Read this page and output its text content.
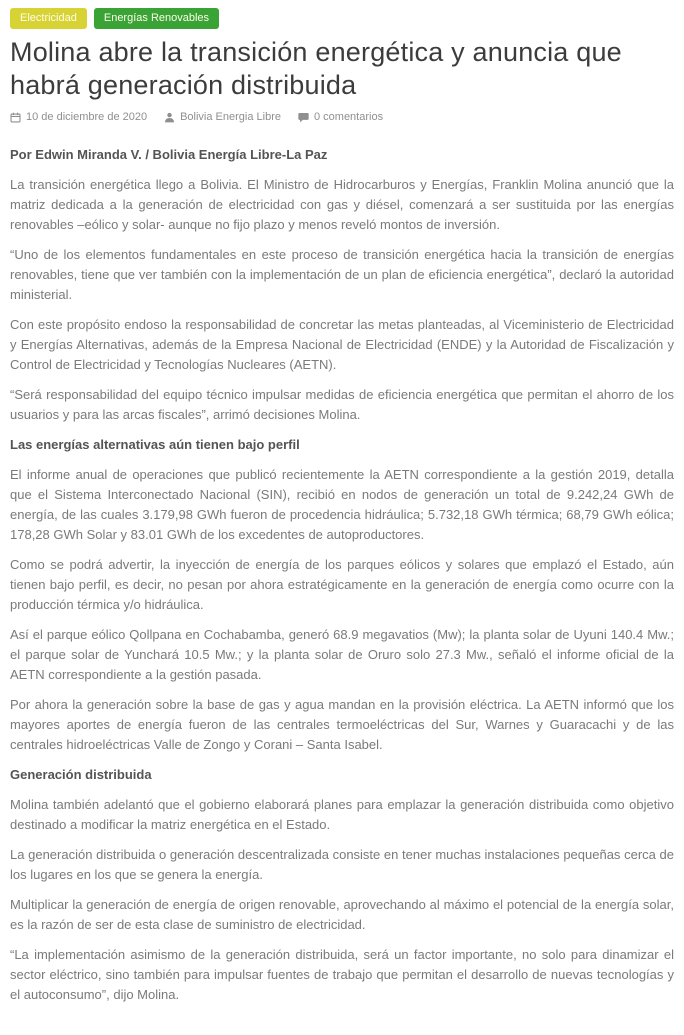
Electricidad	Energías Renovables
Molina abre la transición energética y anuncia que habrá generación distribuida
10 de diciembre de 2020	Bolivia Energia Libre	0 comentarios

Por Edwin Miranda V. / Bolivia Energía Libre-La Paz

La transición energética llego a Bolivia. El Ministro de Hidrocarburos y Energías, Franklin Molina anunció que la matriz dedicada a la generación de electricidad con gas y diésel, comenzará a ser sustituida por las energías renovables –eólico y solar- aunque no fijo plazo y menos reveló montos de inversión.

“Uno de los elementos fundamentales en este proceso de transición energética hacia la transición de energías renovables, tiene que ver también con la implementación de un plan de eficiencia energética”, declaró la autoridad ministerial.

Con este propósito endoso la responsabilidad de concretar las metas planteadas, al Viceministerio de Electricidad y Energías Alternativas, además de la Empresa Nacional de Electricidad (ENDE) y la Autoridad de Fiscalización y Control de Electricidad y Tecnologías Nucleares (AETN).

“Será responsabilidad del equipo técnico impulsar medidas de eficiencia energética que permitan el ahorro de los usuarios y para las arcas fiscales”, arrimó decisiones Molina.

Las energías alternativas aún tienen bajo perfil

El informe anual de operaciones que publicó recientemente la AETN correspondiente a la gestión 2019, detalla que el Sistema Interconectado Nacional (SIN), recibió en nodos de generación un total de 9.242,24 GWh de energía, de las cuales 3.179,98 GWh fueron de procedencia hidráulica; 5.732,18 GWh térmica; 68,79 GWh eólica; 178,28 GWh Solar y 83.01 GWh de los excedentes de autoproductores.

Como se podrá advertir, la inyección de energía de los parques eólicos y solares que emplazó el Estado, aún tienen bajo perfil, es decir, no pesan por ahora estratégicamente en la generación de energía como ocurre con la producción térmica y/o hidráulica.

Así el parque eólico Qollpana en Cochabamba, generó 68.9 megavatios (Mw); la planta solar de Uyuni 140.4 Mw.; el parque solar de Yunchará 10.5 Mw.; y la planta solar de Oruro solo 27.3 Mw., señaló el informe oficial de la AETN correspondiente a la gestión pasada.

Por ahora la generación sobre la base de gas y agua mandan en la provisión eléctrica. La AETN informó que los mayores aportes de energía fueron de las centrales termoeléctricas del Sur, Warnes y Guaracachi y de las centrales hidroeléctricas Valle de Zongo y Corani – Santa Isabel.

Generación distribuida

Molina también adelantó que el gobierno elaborará planes para emplazar la generación distribuida como objetivo destinado a modificar la matriz energética en el Estado.

La generación distribuida o generación descentralizada consiste en tener muchas instalaciones pequeñas cerca de los lugares en los que se genera la energía.

Multiplicar la generación de energía de origen renovable, aprovechando al máximo el potencial de la energía solar, es la razón de ser de esta clase de suministro de electricidad.

“La implementación asimismo de la generación distribuida, será un factor importante, no solo para dinamizar el sector eléctrico, sino también para impulsar fuentes de trabajo que permitan el desarrollo de nuevas tecnologías y el autoconsumo”, dijo Molina.
